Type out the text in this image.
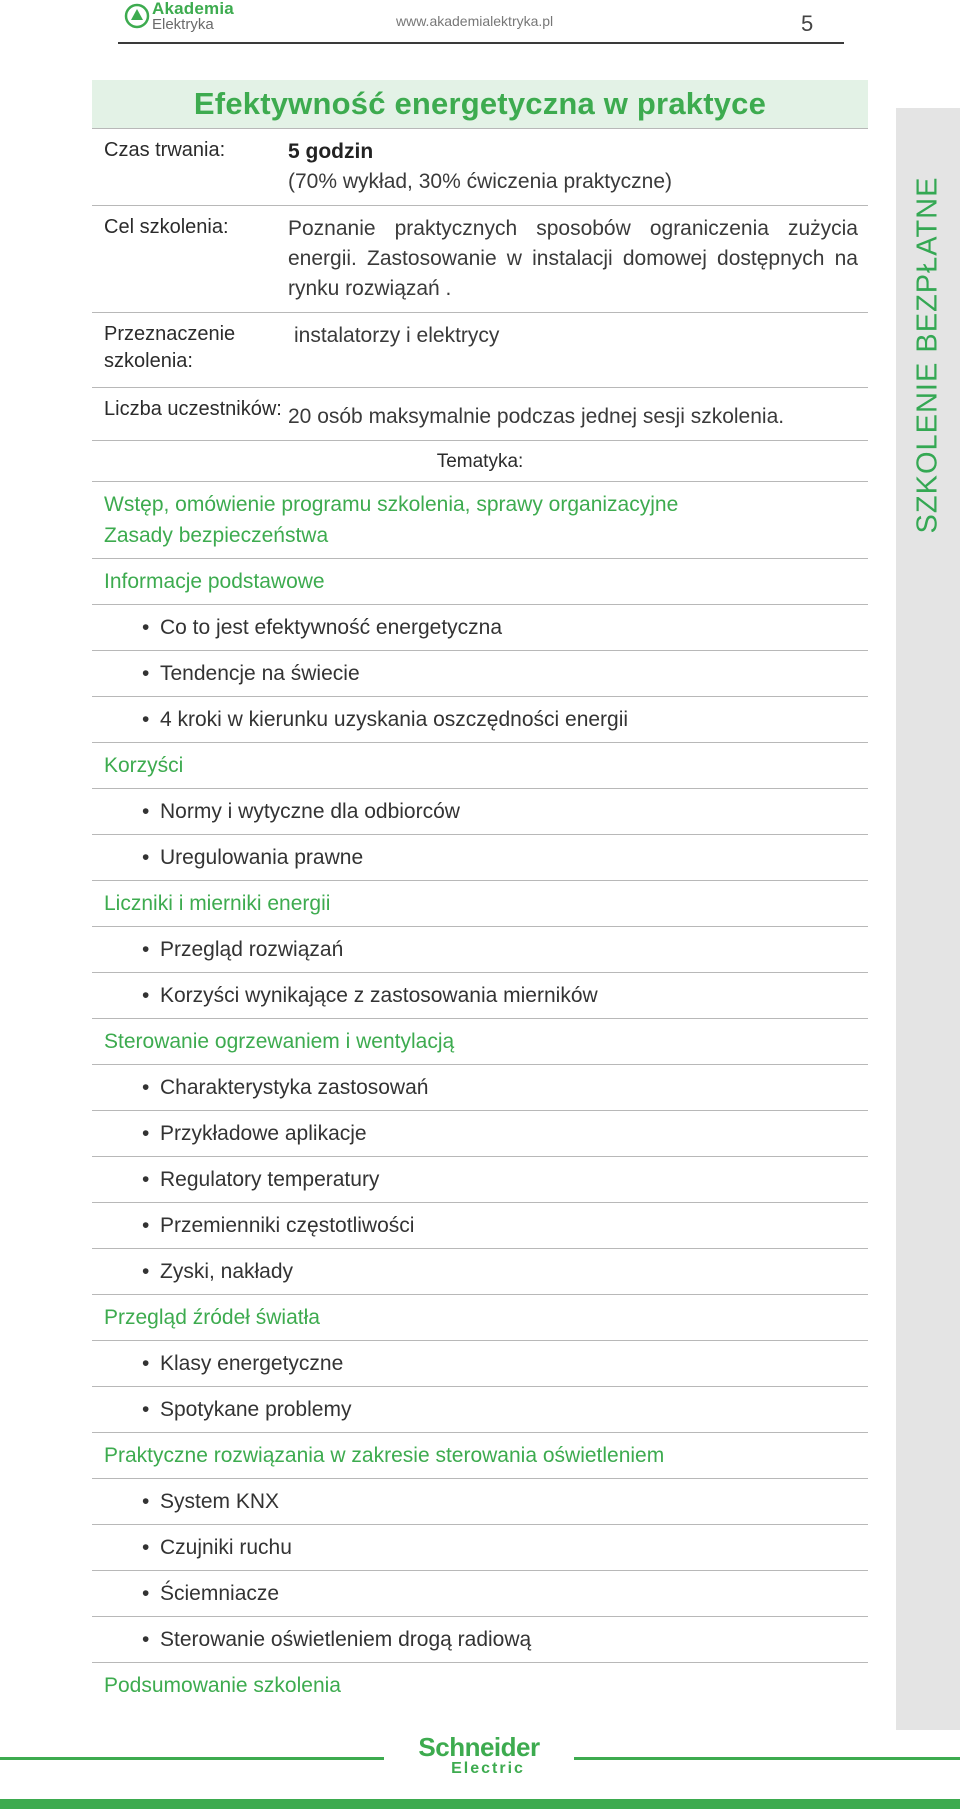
Akademia
Elektryka	www.akademialektryka.pl	5
SZKOLENIE BEZPŁATNE
Efektywność energetyczna w praktyce
Czas trwania:	5 godzin
(70% wykład, 30% ćwiczenia praktyczne)
Cel szkolenia:	Poznanie praktycznych sposobów ograniczenia zużycia energii. Zastosowanie w instalacji domowej dostępnych na rynku rozwiązań .
Przeznaczenie szkolenia:
instalatorzy i elektrycy
Liczba uczestników: 20 osób maksymalnie podczas jednej sesji szkolenia.
Tematyka:
Wstęp, omówienie programu szkolenia, sprawy organizacyjne
Zasady bezpieczeństwa
Informacje podstawowe
• Co to jest efektywność energetyczna
• Tendencje na świecie
• 4 kroki w kierunku uzyskania oszczędności energii
Korzyści
• Normy i wytyczne dla odbiorców
• Uregulowania prawne
Liczniki i mierniki energii
• Przegląd rozwiązań
• Korzyści wynikające z zastosowania mierników
Sterowanie ogrzewaniem i wentylacją
• Charakterystyka zastosowań
• Przykładowe aplikacje
• Regulatory temperatury
• Przemienniki częstotliwości
• Zyski, nakłady
Przegląd źródeł światła
• Klasy energetyczne
• Spotykane problemy
Praktyczne rozwiązania w zakresie sterowania oświetleniem
• System KNX
• Czujniki ruchu
• Ściemniacze
• Sterowanie oświetleniem drogą radiową
Podsumowanie szkolenia
Schneider
Electric
